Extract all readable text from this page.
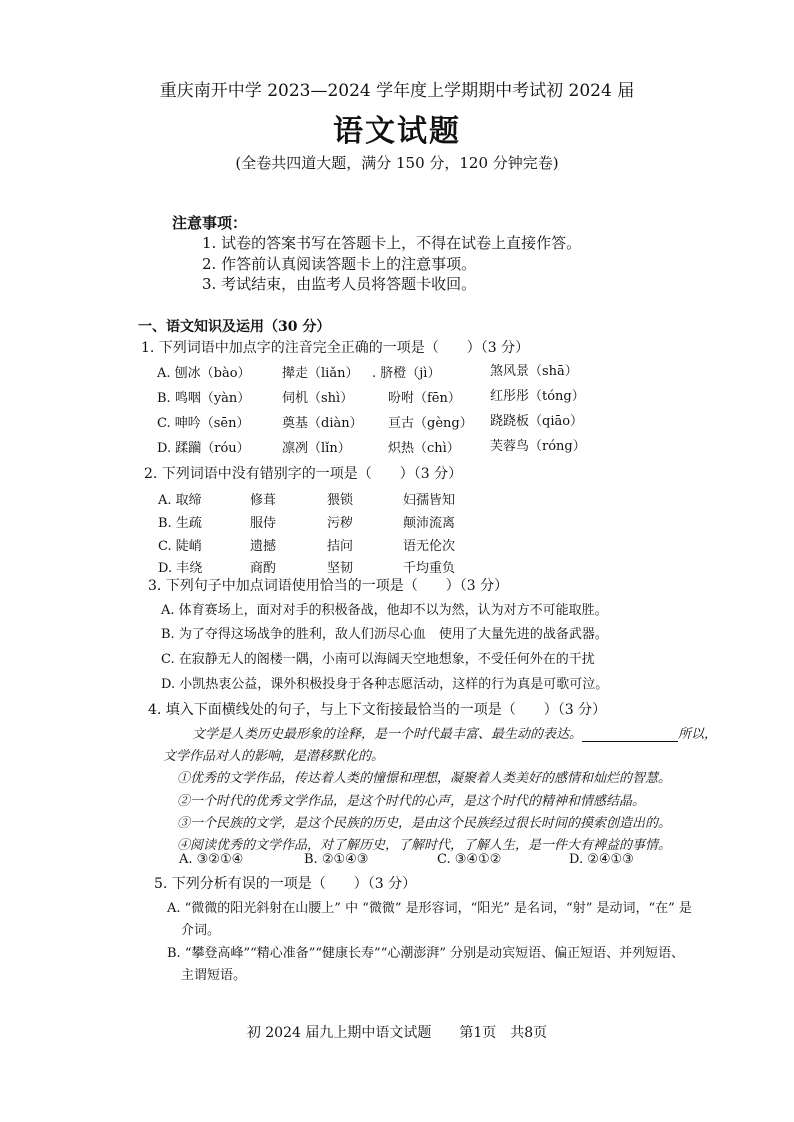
重庆南开中学 2023—2024 学年度上学期期中考试初 2024 届
语文试题
(全卷共四道大题，满分 150 分，120 分钟完卷)
注意事项：
1. 试卷的答案书写在答题卡上，不得在试卷上直接作答。
2. 作答前认真阅读答题卡上的注意事项。
3. 考试结束，由监考人员将答题卡收回。
一、语文知识及运用（30 分）
1. 下列词语中加点字的注音完全正确的一项是（　　）（3 分）
A. 刨冰（bào） 撵走（liǎn） . 脐橙（jì）	煞风景（shā）
B. 鸣咽（yàn） 伺机（shì）	吩咐（fēn） 红彤彤（tóng）
C. 呻吟（sēn）	奠基（diàn） 亘古（gèng） 跷跷板（qiāo）
D. 蹂躏（róu） 凛冽（lǐn）	炽热（chì） 芙蓉鸟（róng）
2. 下列词语中没有错别字的一项是（　　）（3 分）
A. 取缔	修葺	猥锁	妇孺皆知
B. 生疏	服侍	污秽	颠沛流离
C. 陡峭	遗撼	拮问	语无伦次
D. 丰绕	商酌	坚韧	千均重负
3. 下列句子中加点词语使用恰当的一项是（　　）（3 分）
A. 体育赛场上，面对对手的积极备战，他却不以为然，认为对方不可能取胜。
B. 为了夺得这场战争的胜利，敌人们沥尽心血　使用了大量先进的战备武器。
C. 在寂静无人的阁楼一隅，小南可以海阔天空地想象，不受任何外在的干扰
D. 小凯热衷公益，课外积极投身于各种志愿活动，这样的行为真是可歌可泣。
4. 填入下面横线处的句子，与上下文衔接最恰当的一项是（　　）（3 分）
文学是人类历史最形象的诠释，是一个时代最丰富、最生动的表达。	所以，
文学作品对人的影响，是潜移默化的。
①优秀的文学作品，传达着人类的憧憬和理想，凝聚着人类美好的感情和灿烂的智慧。
②一个时代的优秀文学作品，是这个时代的心声，是这个时代的精神和情感结晶。
③一个民族的文学，是这个民族的历史，是由这个民族经过很长时间的摸索创造出的。
④阅读优秀的文学作品，对了解历史，了解时代，了解人生，是一件大有裨益的事情。
A. ③②①④	B. ②①④③	C. ③④①②	D. ②④①③
5. 下列分析有误的一项是（　　）（3 分）
A. “微微的阳光斜射在山腰上” 中 “微微” 是形容词，“阳光” 是名词，“射” 是动词，“在” 是
介词。
B. “攀登高峰”“精心准备”“健康长寿”“心潮澎湃” 分别是动宾短语、偏正短语、并列短语、
主谓短语。
初 2024 届九上期中语文试题　　第1页　共8页
